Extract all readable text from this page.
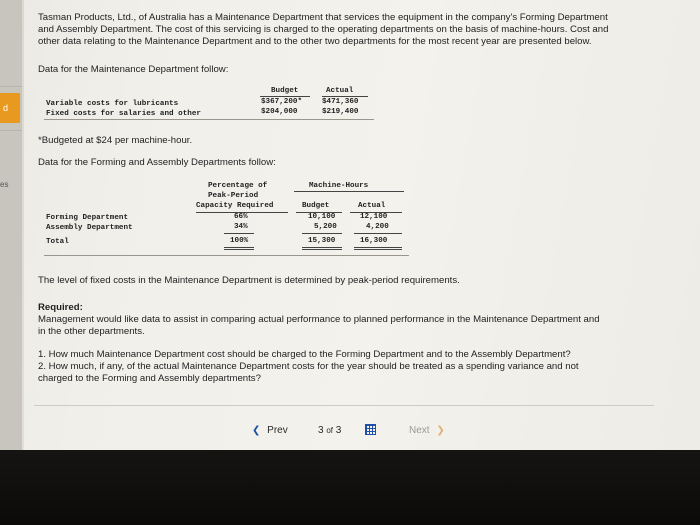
d
es

Tasman Products, Ltd., of Australia has a Maintenance Department that services the equipment in the company's Forming Department

and Assembly Department. The cost of this servicing is charged to the operating departments on the basis of machine-hours. Cost and

other data relating to the Maintenance Department and to the other two departments for the most recent year are presented below.

Data for the Maintenance Department follow:

Budget	Actual
Variable costs for lubricants	$367,200*	$471,360
Fixed costs for salaries and other	$204,000	$219,400

*Budgeted at $24 per machine-hour.

Data for the Forming and Assembly Departments follow:

Percentage of
Peak-Period
Capacity Required
Machine-Hours
Budget	Actual
Forming Department	66%	10,100	12,100
Assembly Department	34%	5,200	4,200
Total	100%	15,300	16,300

The level of fixed costs in the Maintenance Department is determined by peak-period requirements.

Required:

Management would like data to assist in comparing actual performance to planned performance in the Maintenance Department and

in the other departments.

1. How much Maintenance Department cost should be charged to the Forming Department and to the Assembly Department?

2. How much, if any, of the actual Maintenance Department costs for the year should be treated as a spending variance and not

charged to the Forming and Assembly departments?

❮ Prev	3 of 3	Next ❯
